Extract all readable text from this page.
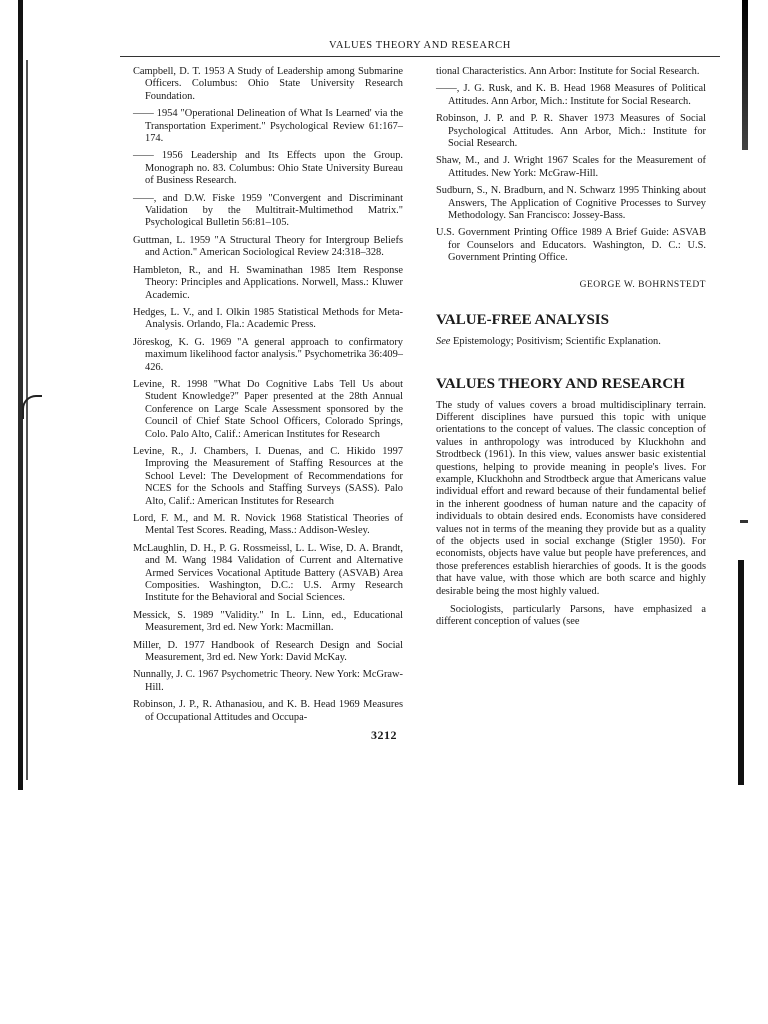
VALUES THEORY AND RESEARCH

Campbell, D. T. 1953 A Study of Leadership among Submarine Officers. Columbus: Ohio State University Research Foundation.

—— 1954 "Operational Delineation of What Is Learned' via the Transportation Experiment." Psychological Review 61:167–174.

—— 1956 Leadership and Its Effects upon the Group. Monograph no. 83. Columbus: Ohio State University Bureau of Business Research.

——, and D.W. Fiske 1959 "Convergent and Discriminant Validation by the Multitrait-Multimethod Matrix." Psychological Bulletin 56:81–105.

Guttman, L. 1959 "A Structural Theory for Intergroup Beliefs and Action." American Sociological Review 24:318–328.

Hambleton, R., and H. Swaminathan 1985 Item Response Theory: Principles and Applications. Norwell, Mass.: Kluwer Academic.

Hedges, L. V., and I. Olkin 1985 Statistical Methods for Meta-Analysis. Orlando, Fla.: Academic Press.

Jöreskog, K. G. 1969 "A general approach to confirmatory maximum likelihood factor analysis." Psychometrika 36:409–426.

Levine, R. 1998 "What Do Cognitive Labs Tell Us about Student Knowledge?" Paper presented at the 28th Annual Conference on Large Scale Assessment sponsored by the Council of Chief State School Officers, Colorado Springs, Colo. Palo Alto, Calif.: American Institutes for Research

Levine, R., J. Chambers, I. Duenas, and C. Hikido 1997 Improving the Measurement of Staffing Resources at the School Level: The Development of Recommendations for NCES for the Schools and Staffing Surveys (SASS). Palo Alto, Calif.: American Institutes for Research

Lord, F. M., and M. R. Novick 1968 Statistical Theories of Mental Test Scores. Reading, Mass.: Addison-Wesley.

McLaughlin, D. H., P. G. Rossmeissl, L. L. Wise, D. A. Brandt, and M. Wang 1984 Validation of Current and Alternative Armed Services Vocational Aptitude Battery (ASVAB) Area Composities. Washington, D.C.: U.S. Army Research Institute for the Behavioral and Social Sciences.

Messick, S. 1989 "Validity." In L. Linn, ed., Educational Measurement, 3rd ed. New York: Macmillan.

Miller, D. 1977 Handbook of Research Design and Social Measurement, 3rd ed. New York: David McKay.

Nunnally, J. C. 1967 Psychometric Theory. New York: McGraw-Hill.

Robinson, J. P., R. Athanasiou, and K. B. Head 1969 Measures of Occupational Attitudes and Occupa-

tional Characteristics. Ann Arbor: Institute for Social Research.

——, J. G. Rusk, and K. B. Head 1968 Measures of Political Attitudes. Ann Arbor, Mich.: Institute for Social Research.

Robinson, J. P. and P. R. Shaver 1973 Measures of Social Psychological Attitudes. Ann Arbor, Mich.: Institute for Social Research.

Shaw, M., and J. Wright 1967 Scales for the Measurement of Attitudes. New York: McGraw-Hill.

Sudburn, S., N. Bradburn, and N. Schwarz 1995 Thinking about Answers, The Application of Cognitive Processes to Survey Methodology. San Francisco: Jossey-Bass.

U.S. Government Printing Office 1989 A Brief Guide: ASVAB for Counselors and Educators. Washington, D. C.: U.S. Government Printing Office.

GEORGE W. BOHRNSTEDT
VALUE-FREE ANALYSIS

See Epistemology; Positivism; Scientific Explanation.

VALUES THEORY AND RESEARCH

The study of values covers a broad multidisciplinary terrain. Different disciplines have pursued this topic with unique orientations to the concept of values. The classic conception of values in anthropology was introduced by Kluckhohn and Strodtbeck (1961). In this view, values answer basic existential questions, helping to provide meaning in people's lives. For example, Kluckhohn and Strodtbeck argue that Americans value individual effort and reward because of their fundamental belief in the inherent goodness of human nature and the capacity of individuals to obtain desired ends. Economists have considered values not in terms of the meaning they provide but as a quality of the objects used in social exchange (Stigler 1950). For economists, objects have value but people have preferences, and those preferences establish hierarchies of goods. It is the goods that have value, with those which are both scarce and highly desirable being the most highly valued.

Sociologists, particularly Parsons, have emphasized a different conception of values (see

3212
